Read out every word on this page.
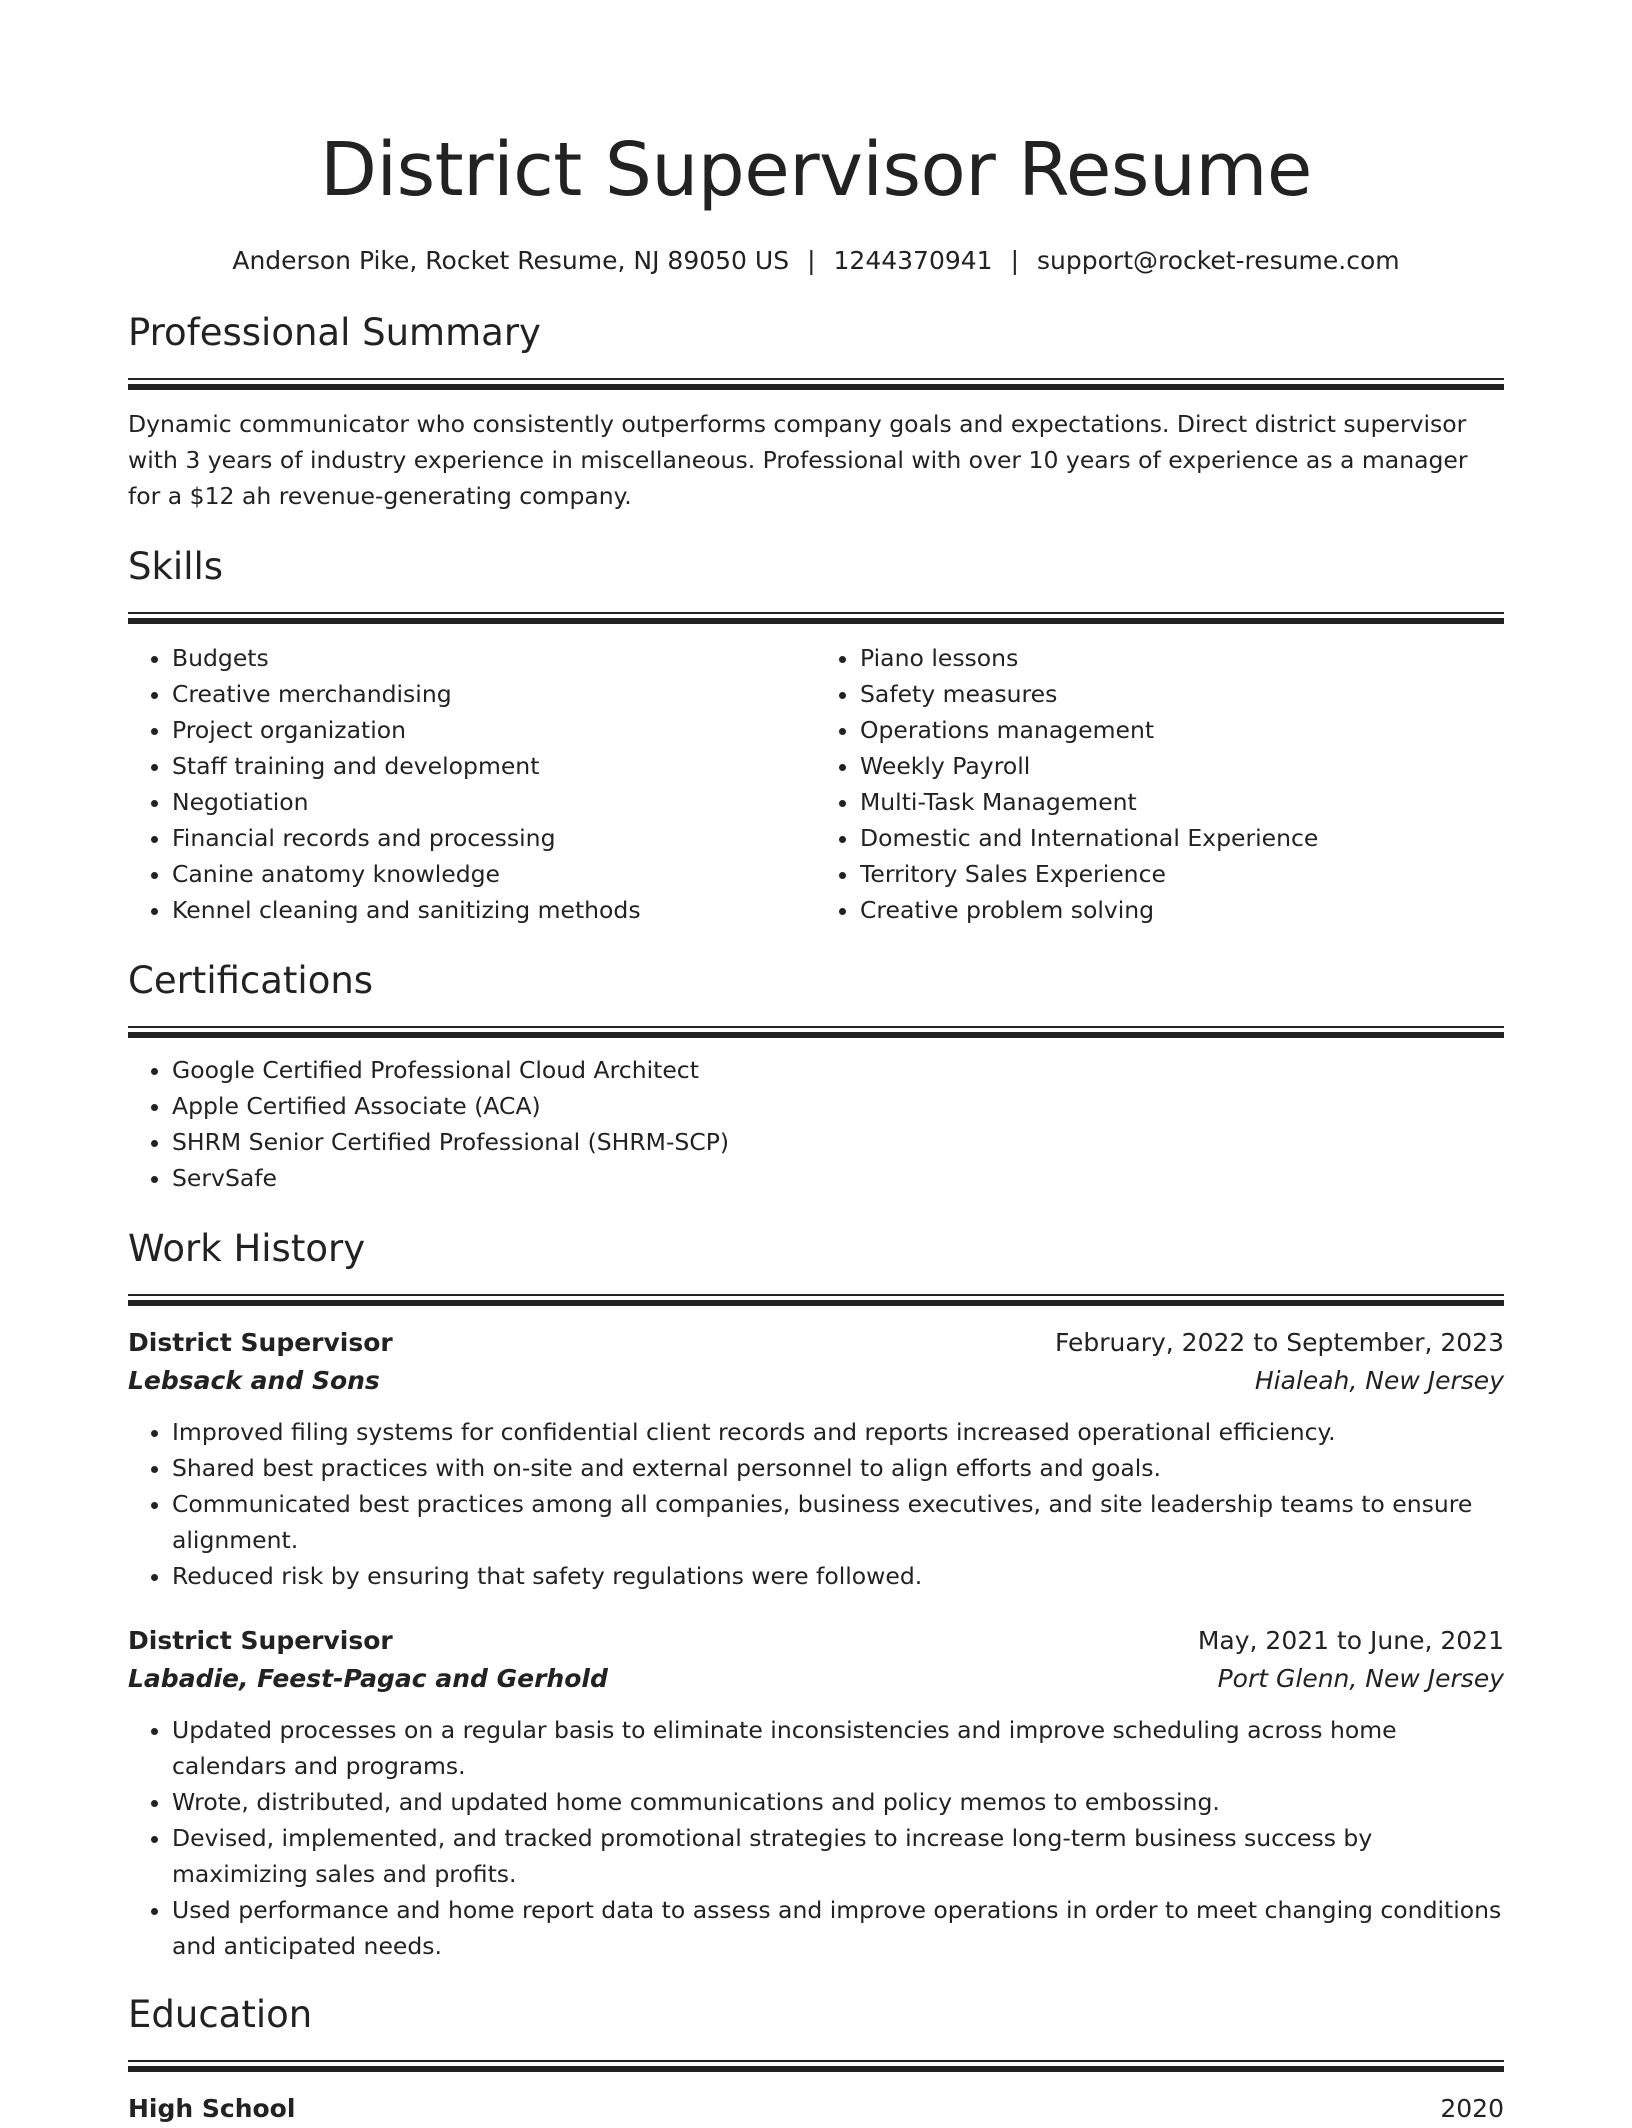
District Supervisor Resume
Anderson Pike, Rocket Resume, NJ 89050 US | 1244370941 | support@rocket-resume.com
Professional Summary
Dynamic communicator who consistently outperforms company goals and expectations. Direct district supervisor with 3 years of industry experience in miscellaneous. Professional with over 10 years of experience as a manager for a $12 ah revenue-generating company.
Skills
• Budgets
• Creative merchandising
• Project organization
• Staff training and development
• Negotiation
• Financial records and processing
• Canine anatomy knowledge
• Kennel cleaning and sanitizing methods
• Piano lessons
• Safety measures
• Operations management
• Weekly Payroll
• Multi-Task Management
• Domestic and International Experience
• Territory Sales Experience
• Creative problem solving
Certifications
• Google Certified Professional Cloud Architect
• Apple Certified Associate (ACA)
• SHRM Senior Certified Professional (SHRM-SCP)
• ServSafe
Work History
District Supervisor	February, 2022 to September, 2023
Lebsack and Sons	Hialeah, New Jersey
• Improved filing systems for confidential client records and reports increased operational efficiency.
• Shared best practices with on-site and external personnel to align efforts and goals.
• Communicated best practices among all companies, business executives, and site leadership teams to ensure alignment.
• Reduced risk by ensuring that safety regulations were followed.
District Supervisor	May, 2021 to June, 2021
Labadie, Feest-Pagac and Gerhold	Port Glenn, New Jersey
• Updated processes on a regular basis to eliminate inconsistencies and improve scheduling across home calendars and programs.
• Wrote, distributed, and updated home communications and policy memos to embossing.
• Devised, implemented, and tracked promotional strategies to increase long-term business success by maximizing sales and profits.
• Used performance and home report data to assess and improve operations in order to meet changing conditions and anticipated needs.
Education
High School	2020
